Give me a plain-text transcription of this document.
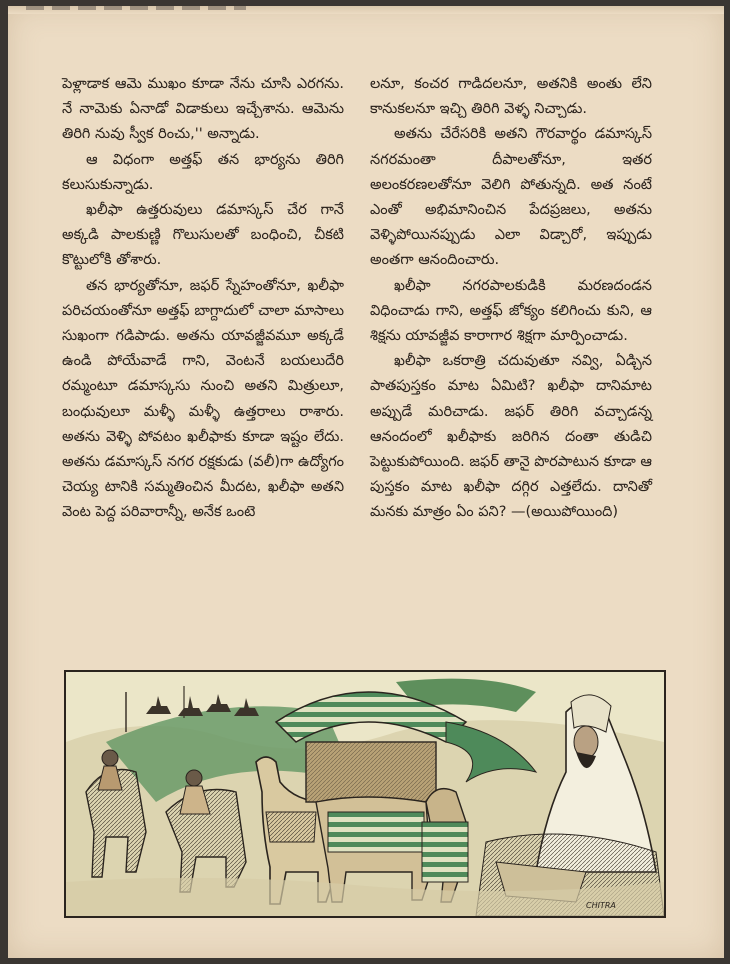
పెళ్లాడాక ఆమె ముఖం కూడా నేను చూసి ఎరగను. నే నామెకు ఏనాడో విడాకులు ఇచ్చేశాను. ఆమెను తిరిగి నువు స్వీక రించు,'' అన్నాడు.

ఆ విధంగా అత్తఫ్ తన భార్యను తిరిగి కలుసుకున్నాడు.

ఖలీఫా ఉత్తరువులు డమాస్కస్ చేర గానే అక్కడి పాలకుణ్ణి గొలుసులతో బంధించి, చీకటి కొట్టులోకి తోశారు.

తన భార్యతోనూ, జఫర్ స్నేహంతోనూ, ఖలీఫా పరిచయంతోనూ అత్తఫ్ బాగ్దాదులో చాలా మాసాలు సుఖంగా గడిపాడు. అతను యావజ్జీవమూ అక్కడే ఉండి పోయేవాడే గాని, వెంటనే బయలుదేరి రమ్మంటూ డమాస్కసు నుంచి అతని మిత్రులూ, బంధువులూ మళ్ళీ మళ్ళీ ఉత్తరాలు రాశారు. అతను వెళ్ళి పోవటం ఖలీఫాకు కూడా ఇష్టం లేదు. అతను డమాస్కస్ నగర రక్షకుడు (వలీ)గా ఉద్యోగం చెయ్య టానికి సమ్మతించిన మీదట, ఖలీఫా అతని వెంట పెద్ద పరివారాన్నీ, అనేక ఒంటె

లనూ, కంచర గాడిదలనూ, అతనికి అంతు లేని కానుకలనూ ఇచ్చి తిరిగి వెళ్ళ నిచ్చాడు.

అతను చేరేసరికి అతని గౌరవార్థం డమాస్కస్ నగరమంతా దీపాలతోనూ, ఇతర అలంకరణలతోనూ వెలిగి పోతున్నది. అత నంటే ఎంతో అభిమానించిన పేదప్రజలు, అతను వెళ్ళిపోయినప్పుడు ఎలా విడ్చారో, ఇప్పుడు అంతగా ఆనందించారు.

ఖలీఫా నగరపాలకుడికి మరణదండన విధించాడు గాని, అత్తఫ్ జోక్యం కలిగించు కుని, ఆ శిక్షను యావజ్జీవ కారాగార శిక్షగా మార్పించాడు.

ఖలీఫా ఒకరాత్రి చదువుతూ నవ్వి, ఏడ్చిన పాతపుస్తకం మాట ఏమిటి? ఖలీఫా దానిమాట అప్పుడే మరిచాడు. జఫర్ తిరిగి వచ్చాడన్న ఆనందంలో ఖలీఫాకు జరిగిన దంతా తుడిచి పెట్టుకుపోయింది. జఫర్ తానై పొరపాటున కూడా ఆ పుస్తకం మాట ఖలీఫా దగ్గిర ఎత్తలేదు. దానితో మనకు మాత్రం ఏం పని? —(అయిపోయింది)

CHITRA
